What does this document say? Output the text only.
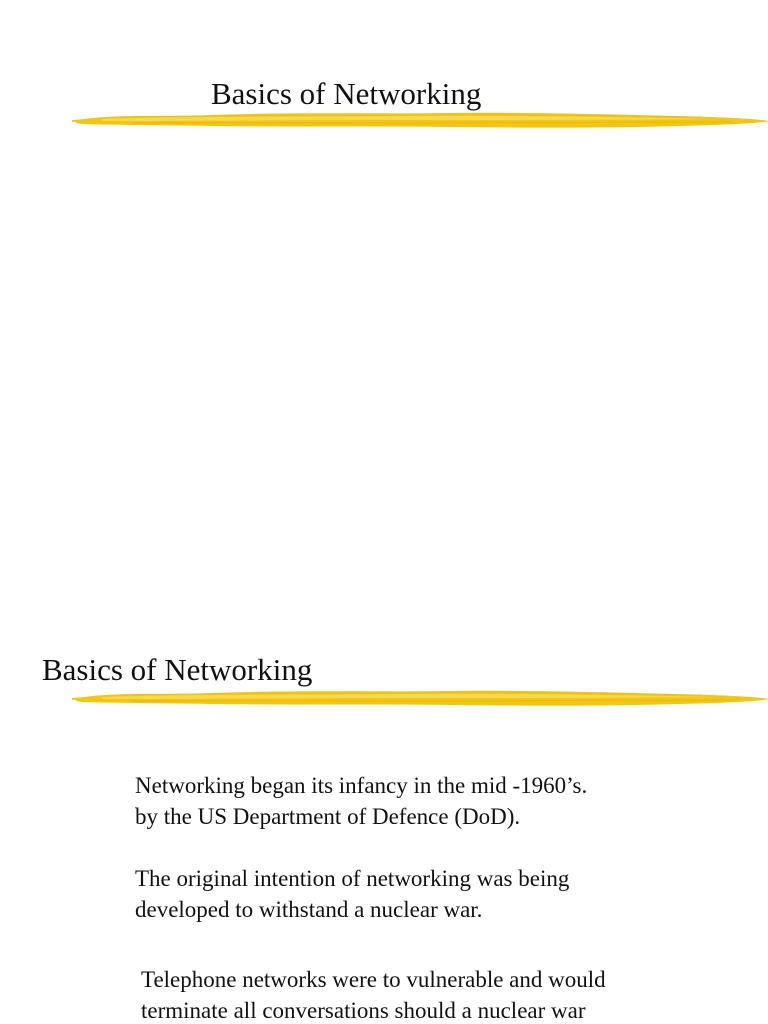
Basics of Networking
Basics of Networking

Networking began its infancy in the mid -1960’s.
by the US Department of Defence (DoD).

The original intention of networking was being
developed to withstand a nuclear war.

Telephone networks were to vulnerable and would
terminate all conversations should a nuclear war
